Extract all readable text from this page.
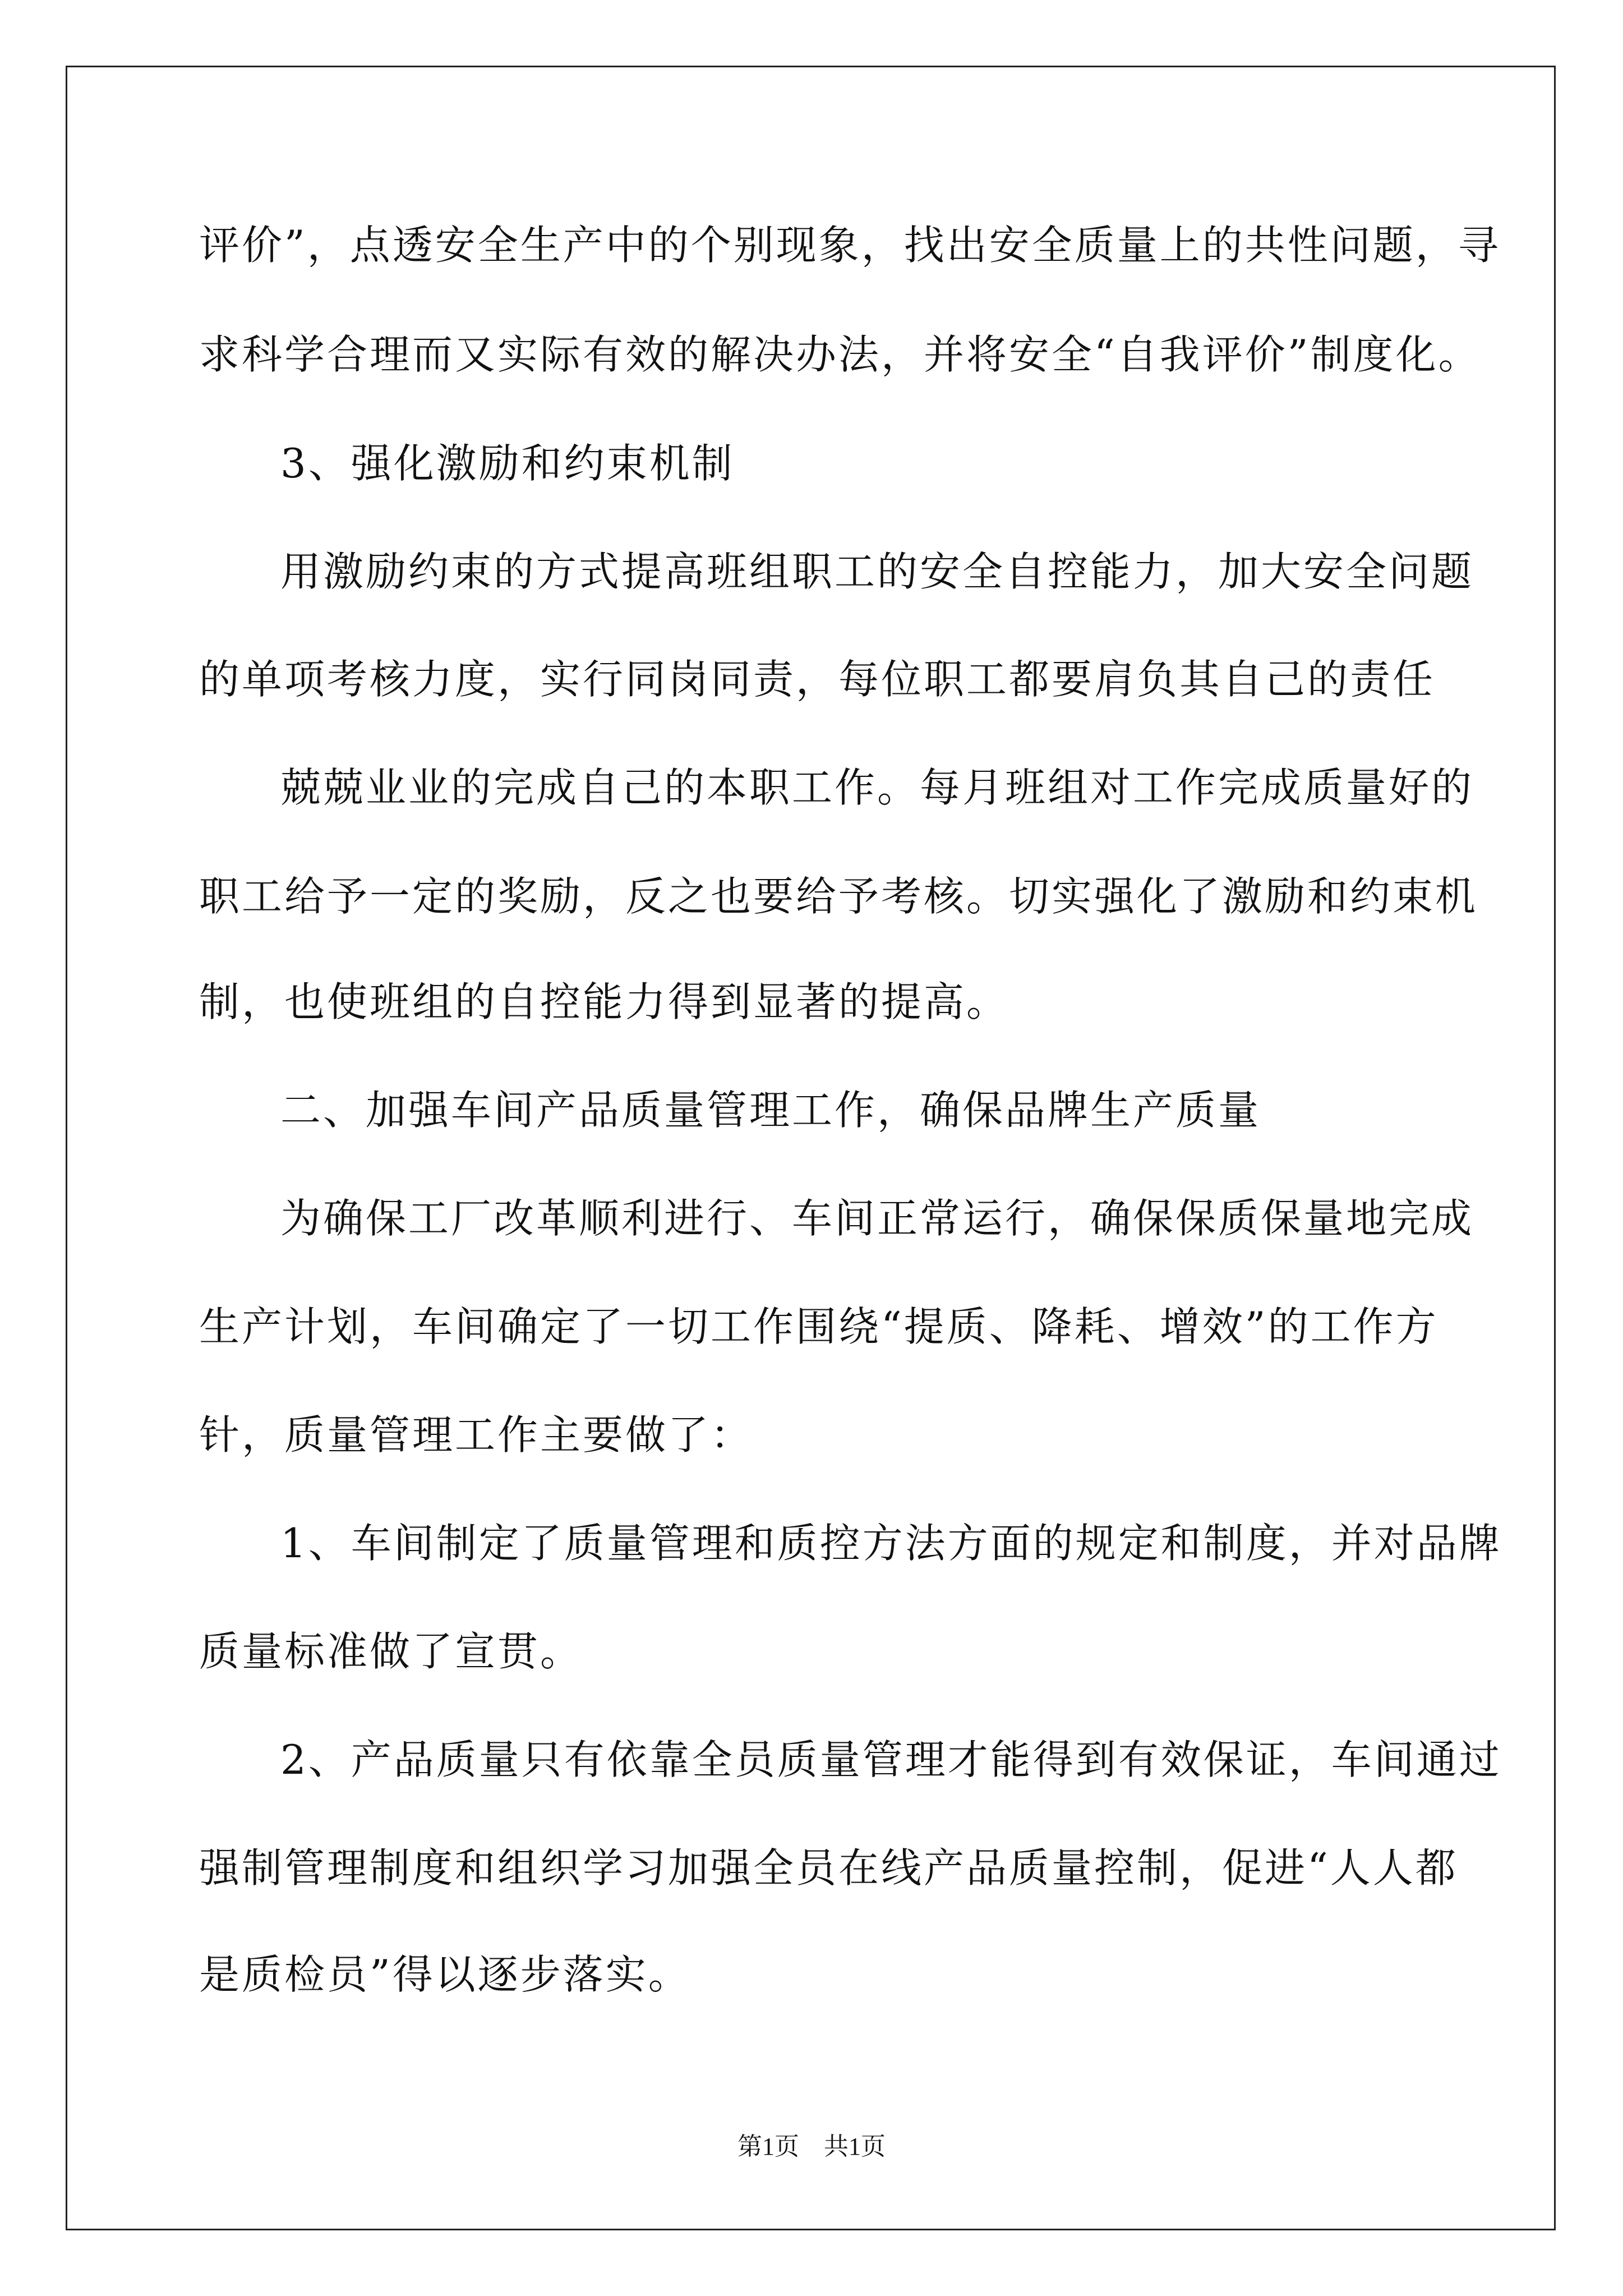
评价”，点透安全生产中的个别现象，找出安全质量上的共性问题，寻
求科学合理而又实际有效的解决办法，并将安全“自我评价”制度化。
3、强化激励和约束机制
用激励约束的方式提高班组职工的安全自控能力，加大安全问题
的单项考核力度，实行同岗同责，每位职工都要肩负其自己的责任
兢兢业业的完成自己的本职工作。每月班组对工作完成质量好的
职工给予一定的奖励，反之也要给予考核。切实强化了激励和约束机
制，也使班组的自控能力得到显著的提高。
二、加强车间产品质量管理工作，确保品牌生产质量
为确保工厂改革顺利进行、车间正常运行，确保保质保量地完成
生产计划，车间确定了一切工作围绕“提质、降耗、增效”的工作方
针，质量管理工作主要做了：
1、车间制定了质量管理和质控方法方面的规定和制度，并对品牌
质量标准做了宣贯。
2、产品质量只有依靠全员质量管理才能得到有效保证，车间通过
强制管理制度和组织学习加强全员在线产品质量控制，促进“人人都
是质检员”得以逐步落实。
第1页　共1页
